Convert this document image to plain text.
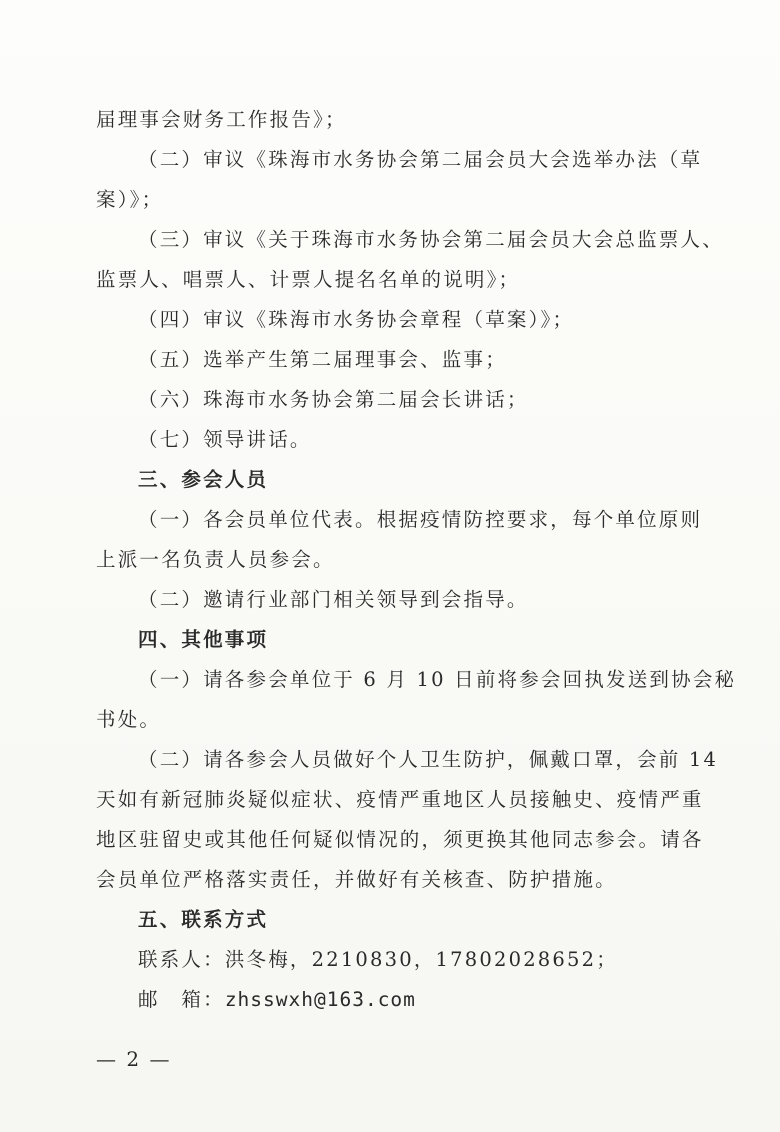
届理事会财务工作报告》；
（二）审议《珠海市水务协会第二届会员大会选举办法（草
案）》；
（三）审议《关于珠海市水务协会第二届会员大会总监票人、
监票人、唱票人、计票人提名名单的说明》；
（四）审议《珠海市水务协会章程（草案）》；
（五）选举产生第二届理事会、监事；
（六）珠海市水务协会第二届会长讲话；
（七）领导讲话。
三、参会人员
（一）各会员单位代表。根据疫情防控要求，每个单位原则
上派一名负责人员参会。
（二）邀请行业部门相关领导到会指导。
四、其他事项
（一）请各参会单位于 6 月 10 日前将参会回执发送到协会秘
书处。
（二）请各参会人员做好个人卫生防护，佩戴口罩，会前 14
天如有新冠肺炎疑似症状、疫情严重地区人员接触史、疫情严重
地区驻留史或其他任何疑似情况的，须更换其他同志参会。请各
会员单位严格落实责任，并做好有关核查、防护措施。
五、联系方式
联系人：洪冬梅，2210830，17802028652；
邮　箱：zhsswxh@163.com
— 2 —
